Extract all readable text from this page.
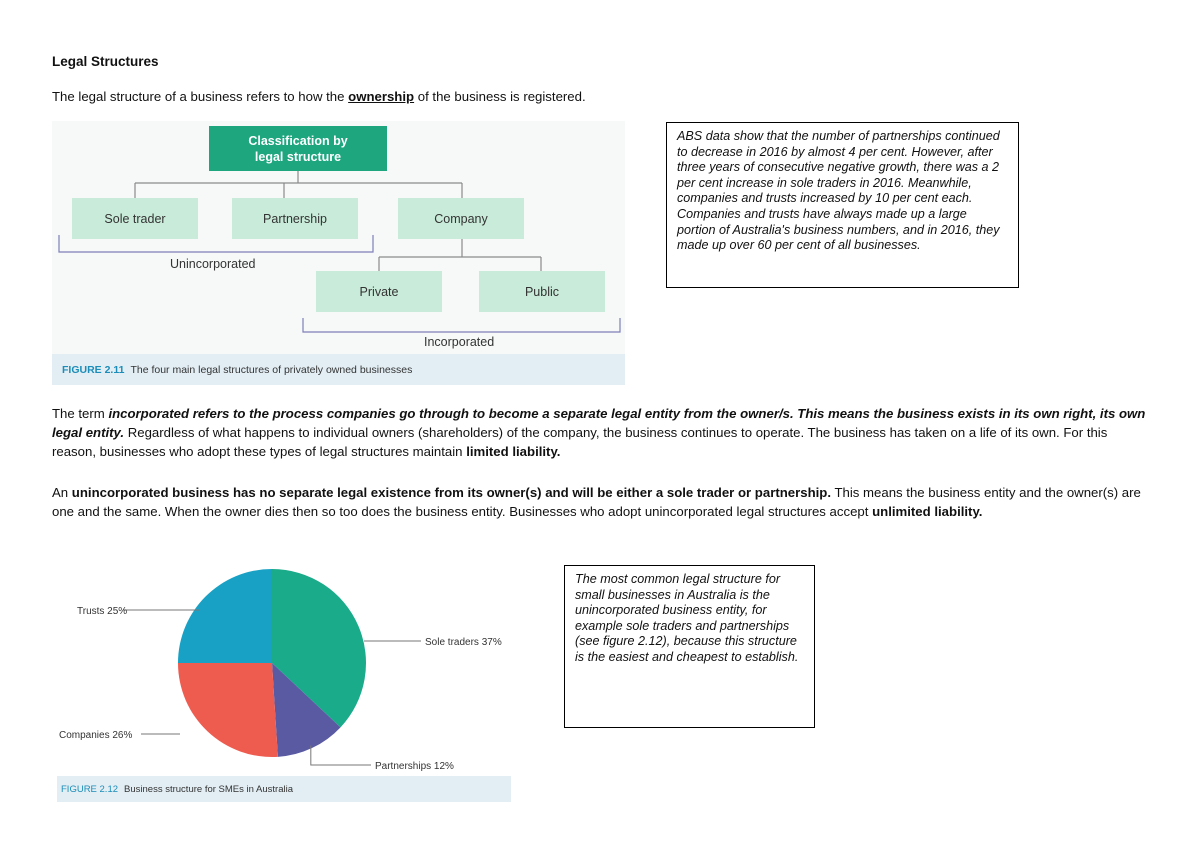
Legal Structures
The legal structure of a business refers to how the ownership of the business is registered.
Classification by
legal structure
Sole trader	Partnership	Company
Private	Public
Unincorporated
Incorporated
FIGURE 2.11 The four main legal structures of privately owned businesses
ABS data show that the number of partnerships continued to decrease in 2016 by almost 4 per cent. However, after three years of consecutive negative growth, there was a 2 per cent increase in sole traders in 2016. Meanwhile, companies and trusts increased by 10 per cent each. Companies and trusts have always made up a large portion of Australia's business numbers, and in 2016, they made up over 60 per cent of all businesses.
The term incorporated refers to the process companies go through to become a separate legal entity from the owner/s. This means the business exists in its own right, its own legal entity. Regardless of what happens to individual owners (shareholders) of the company, the business continues to operate. The business has taken on a life of its own. For this reason, businesses who adopt these types of legal structures maintain limited liability.
An unincorporated business has no separate legal existence from its owner(s) and will be either a sole trader or partnership. This means the business entity and the owner(s) are one and the same. When the owner dies then so too does the business entity. Businesses who adopt unincorporated legal structures accept unlimited liability.
Sole traders 37%
Partnerships 12%
Companies 26%
Trusts 25%
FIGURE 2.12 Business structure for SMEs in Australia
The most common legal structure for small businesses in Australia is the unincorporated business entity, for example sole traders and partnerships (see figure 2.12), because this structure is the easiest and cheapest to establish.
